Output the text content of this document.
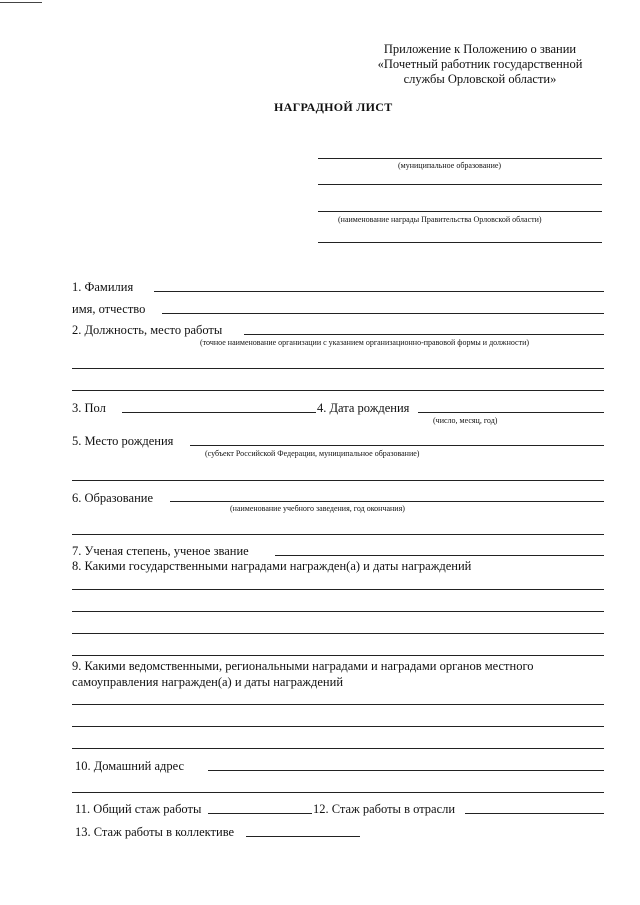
Приложение к Положению о звании
«Почетный работник государственной
службы Орловской области»
НАГРАДНОЙ ЛИСТ
(муниципальное образование)
(наименование награды Правительства Орловской области)
1. Фамилия
имя, отчество
2. Должность, место работы
(точное наименование организации с указанием организационно-правовой формы и должности)
3. Пол	4. Дата рождения
(число, месяц, год)
5. Место рождения
(субъект Российской Федерации, муниципальное образование)
6. Образование
(наименование учебного заведения, год окончания)
7. Ученая степень, ученое звание
8. Какими государственными наградами награжден(а) и даты награждений
9. Какими ведомственными, региональными наградами и наградами органов местного
самоуправления награжден(а) и даты награждений
10. Домашний адрес
11. Общий стаж работы	12. Стаж работы в отрасли
13. Стаж работы в коллективе
